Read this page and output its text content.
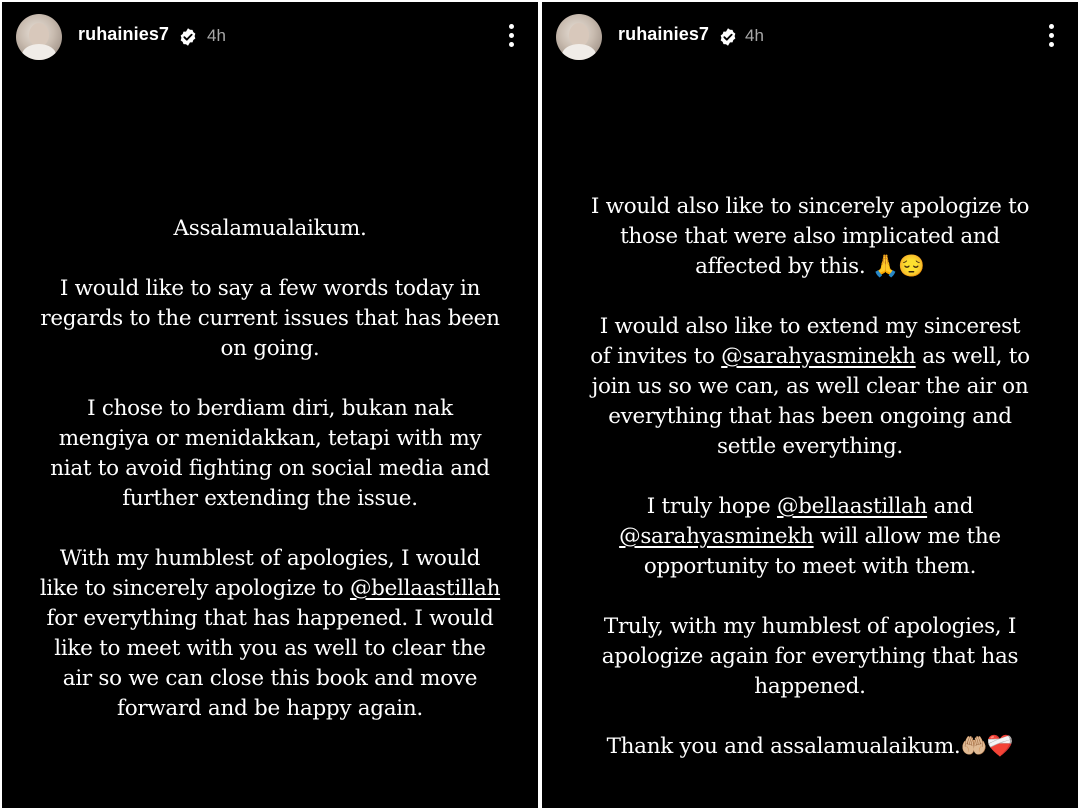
ruhainies7 4h

Assalamualaikum.

I would like to say a few words today in
regards to the current issues that has been
on going.

I chose to berdiam diri, bukan nak
mengiya or menidakkan, tetapi with my
niat to avoid fighting on social media and
further extending the issue.

With my humblest of apologies, I would
like to sincerely apologize to @bellaastillah
for everything that has happened. I would
like to meet with you as well to clear the
air so we can close this book and move
forward and be happy again.

ruhainies7 4h

I would also like to sincerely apologize to
those that were also implicated and
affected by this. 🙏😔

I would also like to extend my sincerest
of invites to @sarahyasminekh as well, to
join us so we can, as well clear the air on
everything that has been ongoing and
settle everything.

I truly hope @bellaastillah and
@sarahyasminekh will allow me the
opportunity to meet with them.

Truly, with my humblest of apologies, I
apologize again for everything that has
happened.

Thank you and assalamualaikum.🤲🏼❤️‍🩹
